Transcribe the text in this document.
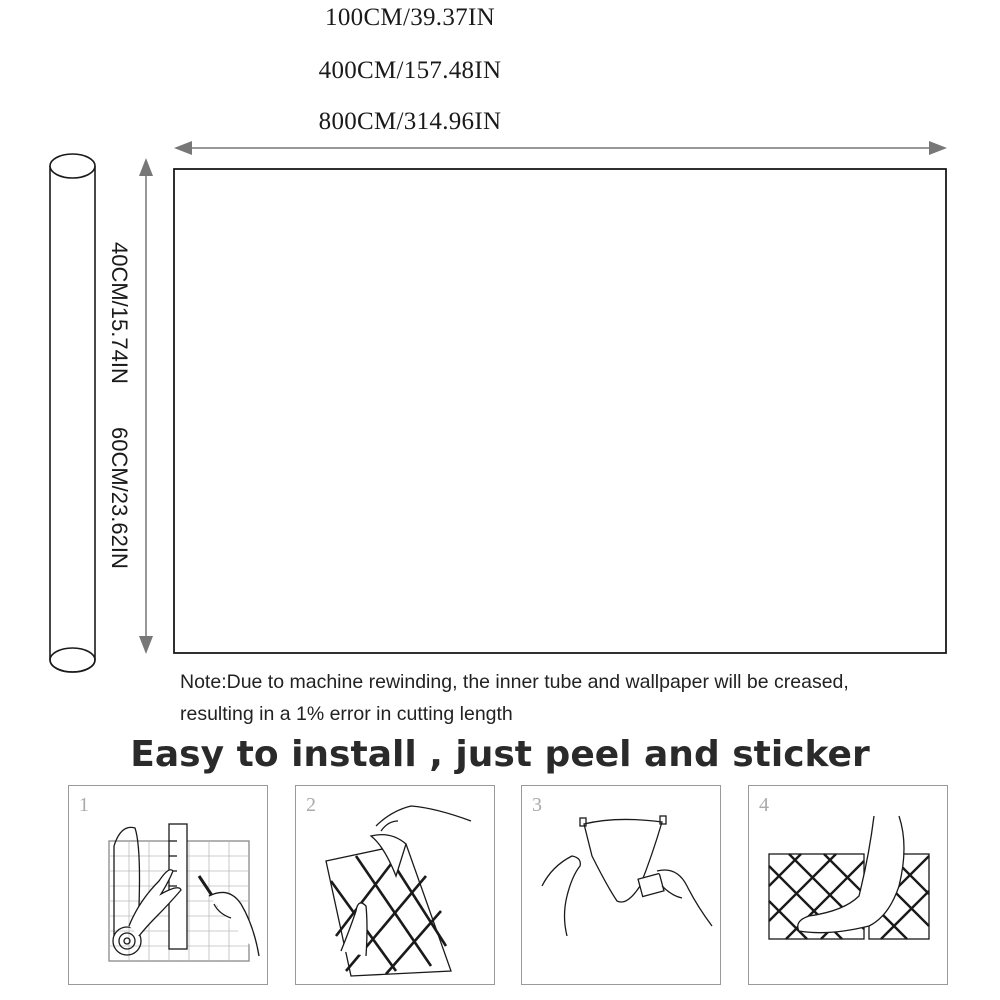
100CM/39.37IN
400CM/157.48IN
800CM/314.96IN
40CM/15.74IN
60CM/23.62IN
Note:Due to machine rewinding, the inner tube and wallpaper will be creased,
resulting in a 1% error in cutting length
Easy to install , just peel and sticker
1	2	3	4
